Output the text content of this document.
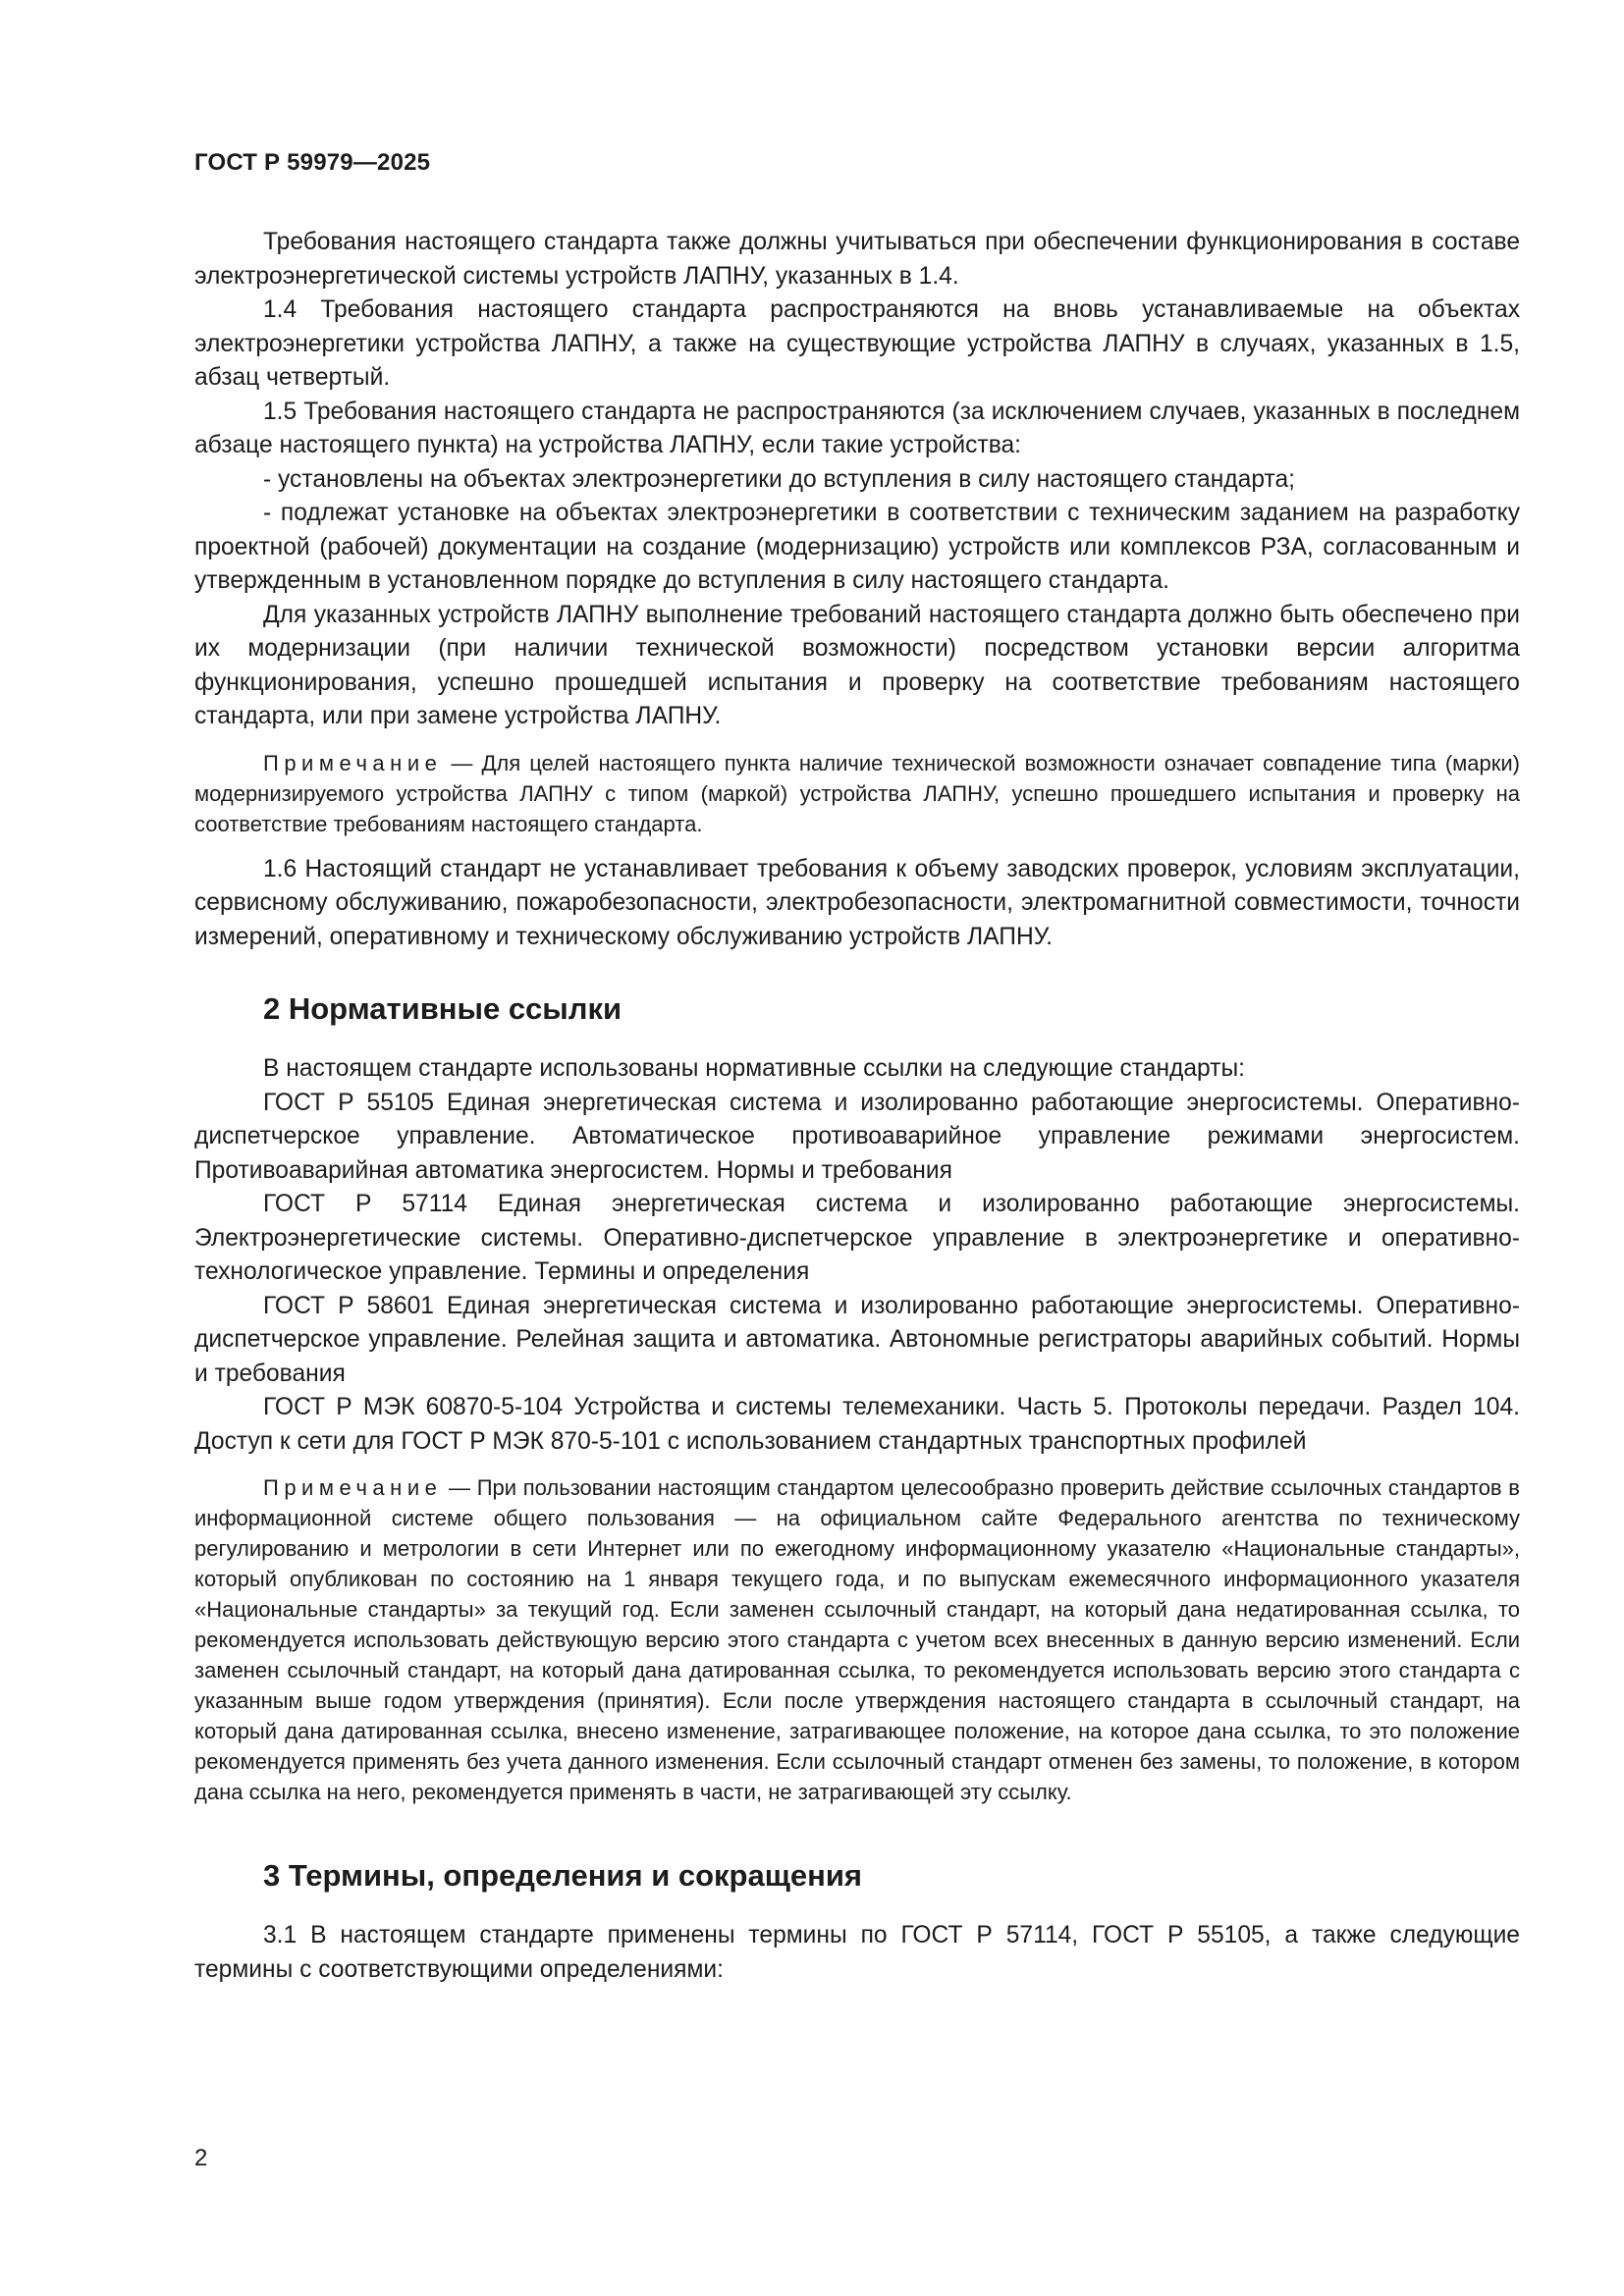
ГОСТ Р 59979—2025

Требования настоящего стандарта также должны учитываться при обеспечении функционирования в составе электроэнергетической системы устройств ЛАПНУ, указанных в 1.4.

1.4 Требования настоящего стандарта распространяются на вновь устанавливаемые на объектах электроэнергетики устройства ЛАПНУ, а также на существующие устройства ЛАПНУ в случаях, указанных в 1.5, абзац четвертый.

1.5 Требования настоящего стандарта не распространяются (за исключением случаев, указанных в последнем абзаце настоящего пункта) на устройства ЛАПНУ, если такие устройства:

- установлены на объектах электроэнергетики до вступления в силу настоящего стандарта;

- подлежат установке на объектах электроэнергетики в соответствии с техническим заданием на разработку проектной (рабочей) документации на создание (модернизацию) устройств или комплексов РЗА, согласованным и утвержденным в установленном порядке до вступления в силу настоящего стандарта.

Для указанных устройств ЛАПНУ выполнение требований настоящего стандарта должно быть обеспечено при их модернизации (при наличии технической возможности) посредством установки версии алгоритма функционирования, успешно прошедшей испытания и проверку на соответствие требованиям настоящего стандарта, или при замене устройства ЛАПНУ.

Примечание — Для целей настоящего пункта наличие технической возможности означает совпадение типа (марки) модернизируемого устройства ЛАПНУ с типом (маркой) устройства ЛАПНУ, успешно прошедшего испытания и проверку на соответствие требованиям настоящего стандарта.

1.6 Настоящий стандарт не устанавливает требования к объему заводских проверок, условиям эксплуатации, сервисному обслуживанию, пожаробезопасности, электробезопасности, электромагнитной совместимости, точности измерений, оперативному и техническому обслуживанию устройств ЛАПНУ.

2 Нормативные ссылки

В настоящем стандарте использованы нормативные ссылки на следующие стандарты:

ГОСТ Р 55105 Единая энергетическая система и изолированно работающие энергосистемы. Оперативно-диспетчерское управление. Автоматическое противоаварийное управление режимами энергосистем. Противоаварийная автоматика энергосистем. Нормы и требования

ГОСТ Р 57114 Единая энергетическая система и изолированно работающие энергосистемы. Электроэнергетические системы. Оперативно-диспетчерское управление в электроэнергетике и оперативно-технологическое управление. Термины и определения

ГОСТ Р 58601 Единая энергетическая система и изолированно работающие энергосистемы. Оперативно-диспетчерское управление. Релейная защита и автоматика. Автономные регистраторы аварийных событий. Нормы и требования

ГОСТ Р МЭК 60870-5-104 Устройства и системы телемеханики. Часть 5. Протоколы передачи. Раздел 104. Доступ к сети для ГОСТ Р МЭК 870-5-101 с использованием стандартных транспортных профилей

Примечание — При пользовании настоящим стандартом целесообразно проверить действие ссылочных стандартов в информационной системе общего пользования — на официальном сайте Федерального агентства по техническому регулированию и метрологии в сети Интернет или по ежегодному информационному указателю «Национальные стандарты», который опубликован по состоянию на 1 января текущего года, и по выпускам ежемесячного информационного указателя «Национальные стандарты» за текущий год. Если заменен ссылочный стандарт, на который дана недатированная ссылка, то рекомендуется использовать действующую версию этого стандарта с учетом всех внесенных в данную версию изменений. Если заменен ссылочный стандарт, на который дана датированная ссылка, то рекомендуется использовать версию этого стандарта с указанным выше годом утверждения (принятия). Если после утверждения настоящего стандарта в ссылочный стандарт, на который дана датированная ссылка, внесено изменение, затрагивающее положение, на которое дана ссылка, то это положение рекомендуется применять без учета данного изменения. Если ссылочный стандарт отменен без замены, то положение, в котором дана ссылка на него, рекомендуется применять в части, не затрагивающей эту ссылку.

3 Термины, определения и сокращения

3.1 В настоящем стандарте применены термины по ГОСТ Р 57114, ГОСТ Р 55105, а также следующие термины с соответствующими определениями:

2
